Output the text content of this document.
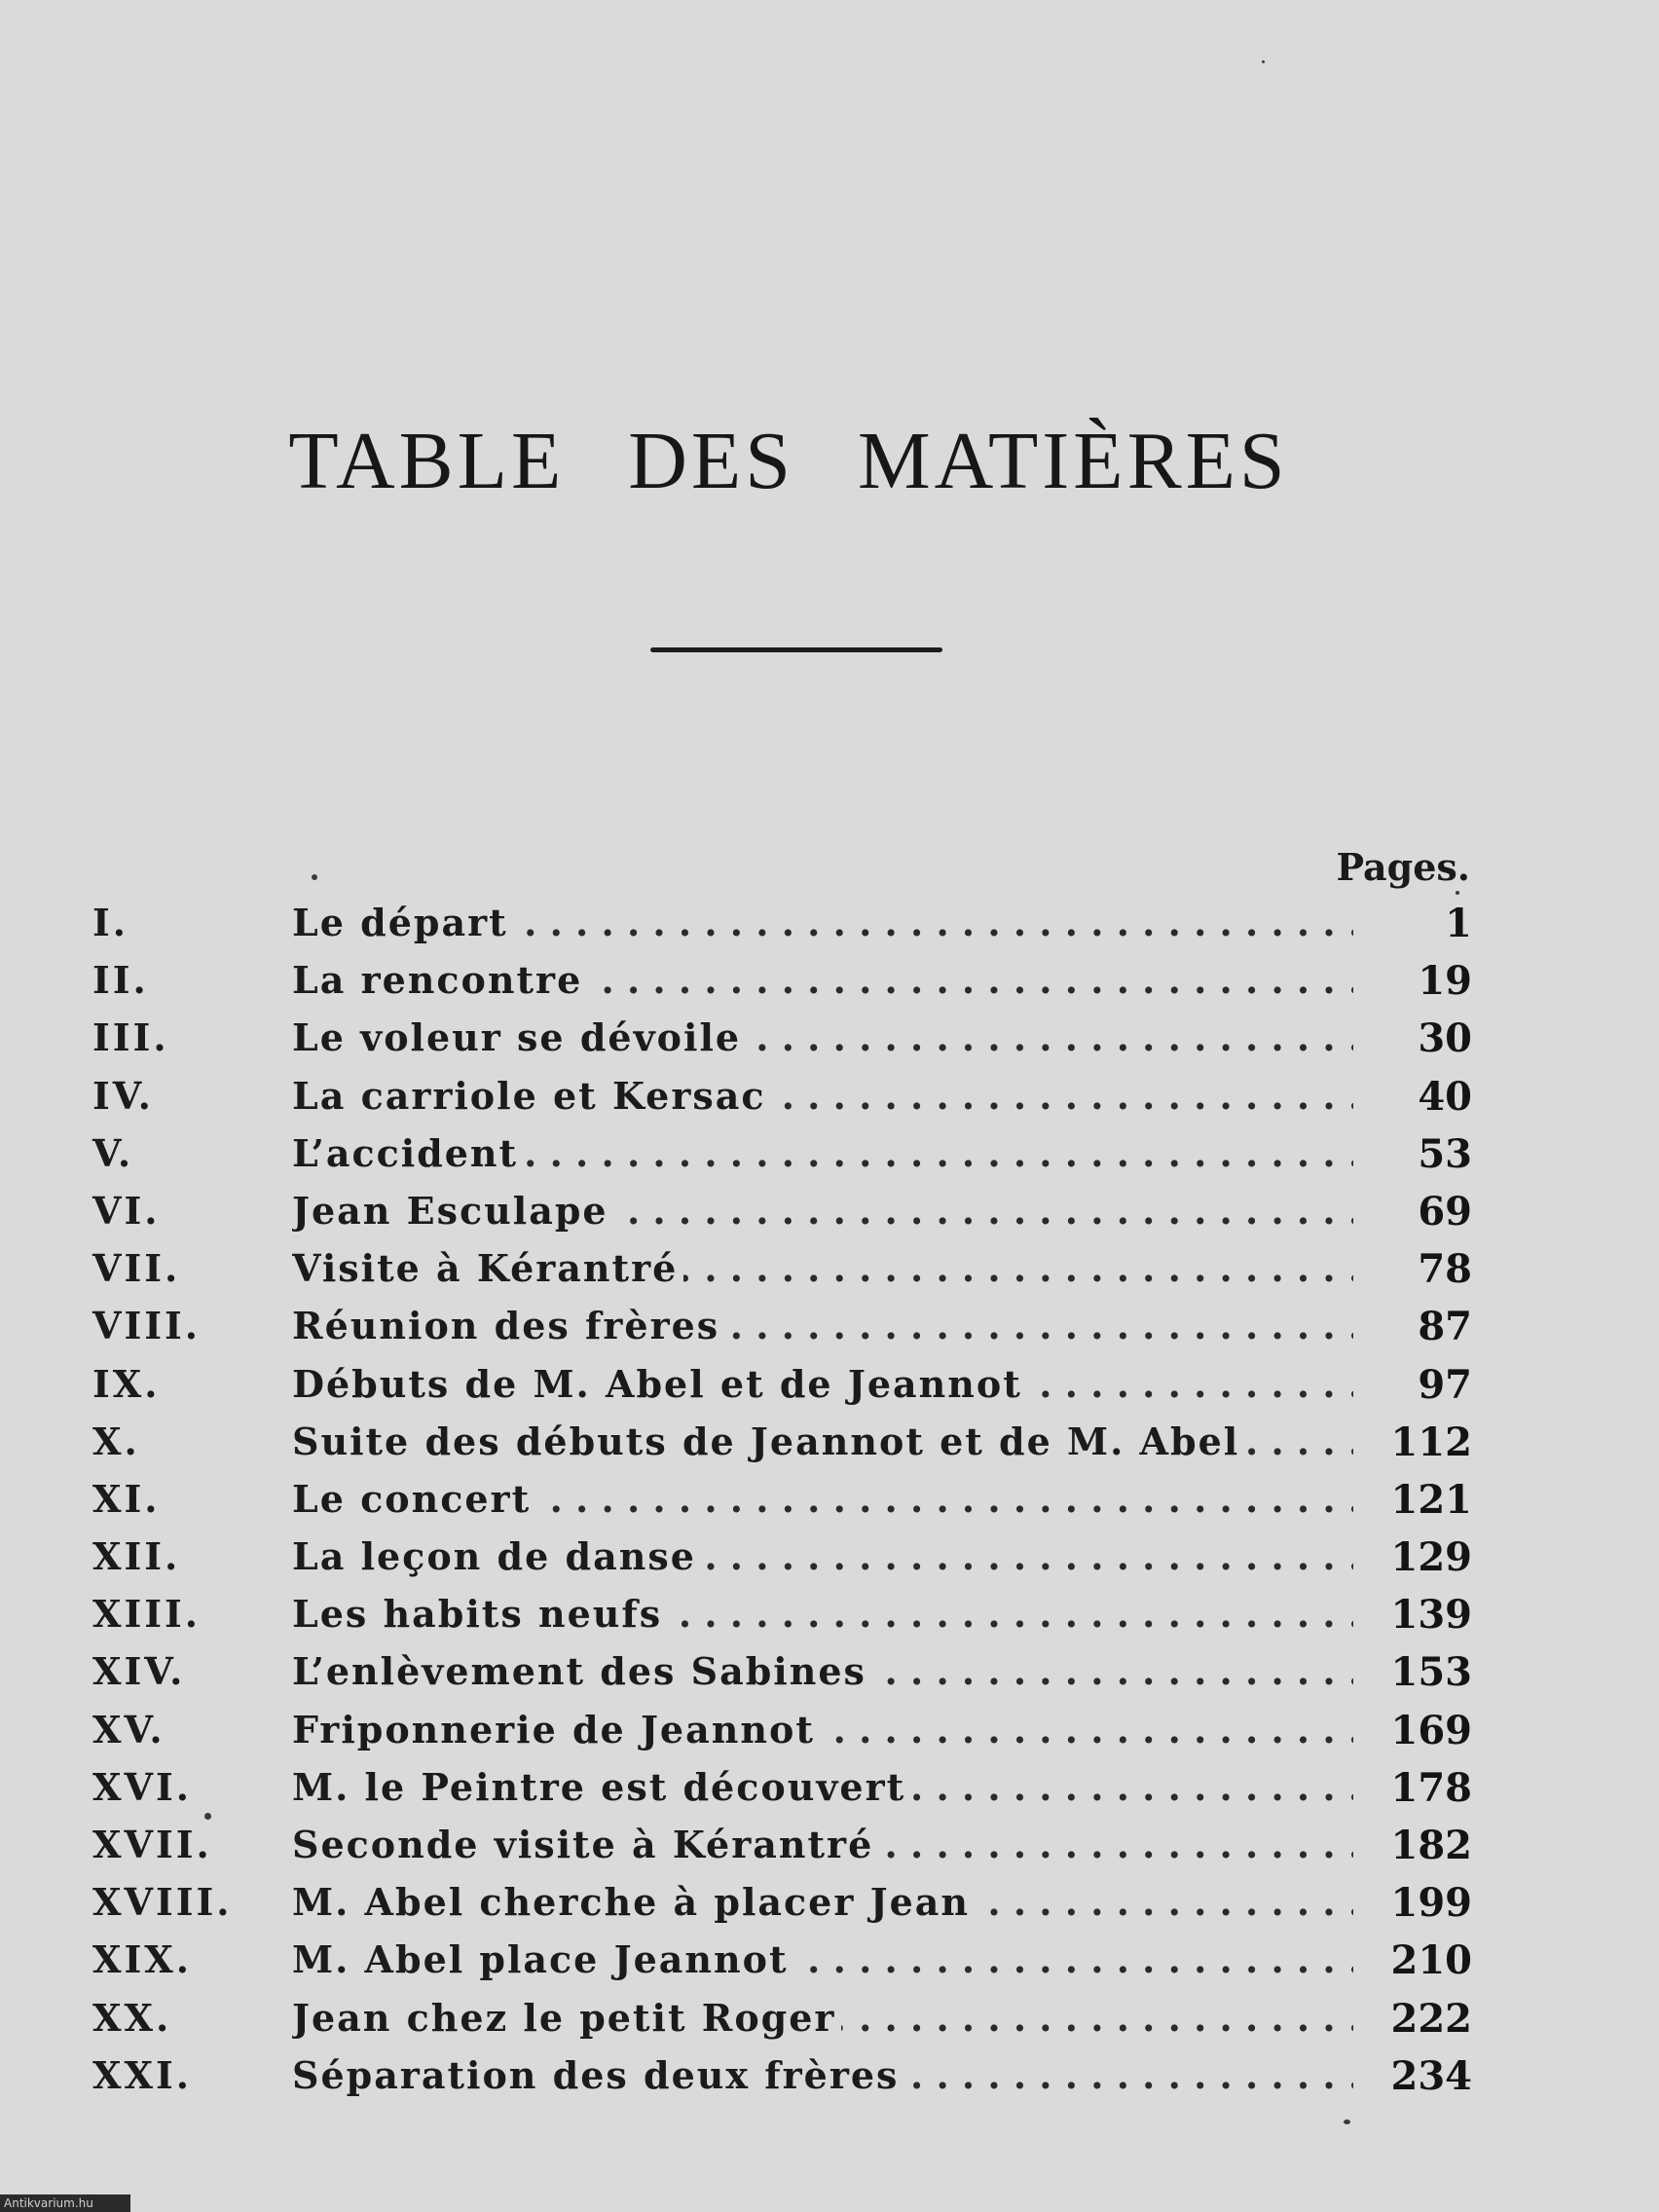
TABLE DES MATIÈRES
Pages.
I.	Le départ . . .	1
II.	La rencontre . . .	19
III.	Le voleur se dévoile . . .	30
IV.	La carriole et Kersac . . .	40
V.	L’accident . . .	53
VI.	Jean Esculape . . .	69
VII.	Visite à Kérantré . . .	78
VIII.	Réunion des frères . . .	87
IX.	Débuts de M. Abel et de Jeannot . . .	97
X.	Suite des débuts de Jeannot et de M. Abel . . .	112
XI.	Le concert . . .	121
XII.	La leçon de danse . . .	129
XIII.	Les habits neufs . . .	139
XIV.	L’enlèvement des Sabines . . .	153
XV.	Friponnerie de Jeannot . . .	169
XVI.	M. le Peintre est découvert . . .	178
XVII.	Seconde visite à Kérantré . . .	182
XVIII.	M. Abel cherche à placer Jean . . .	199
XIX.	M. Abel place Jeannot . . .	210
XX.	Jean chez le petit Roger . . .	222
XXI.	Séparation des deux frères . . .	234
Antikvarium.hu
